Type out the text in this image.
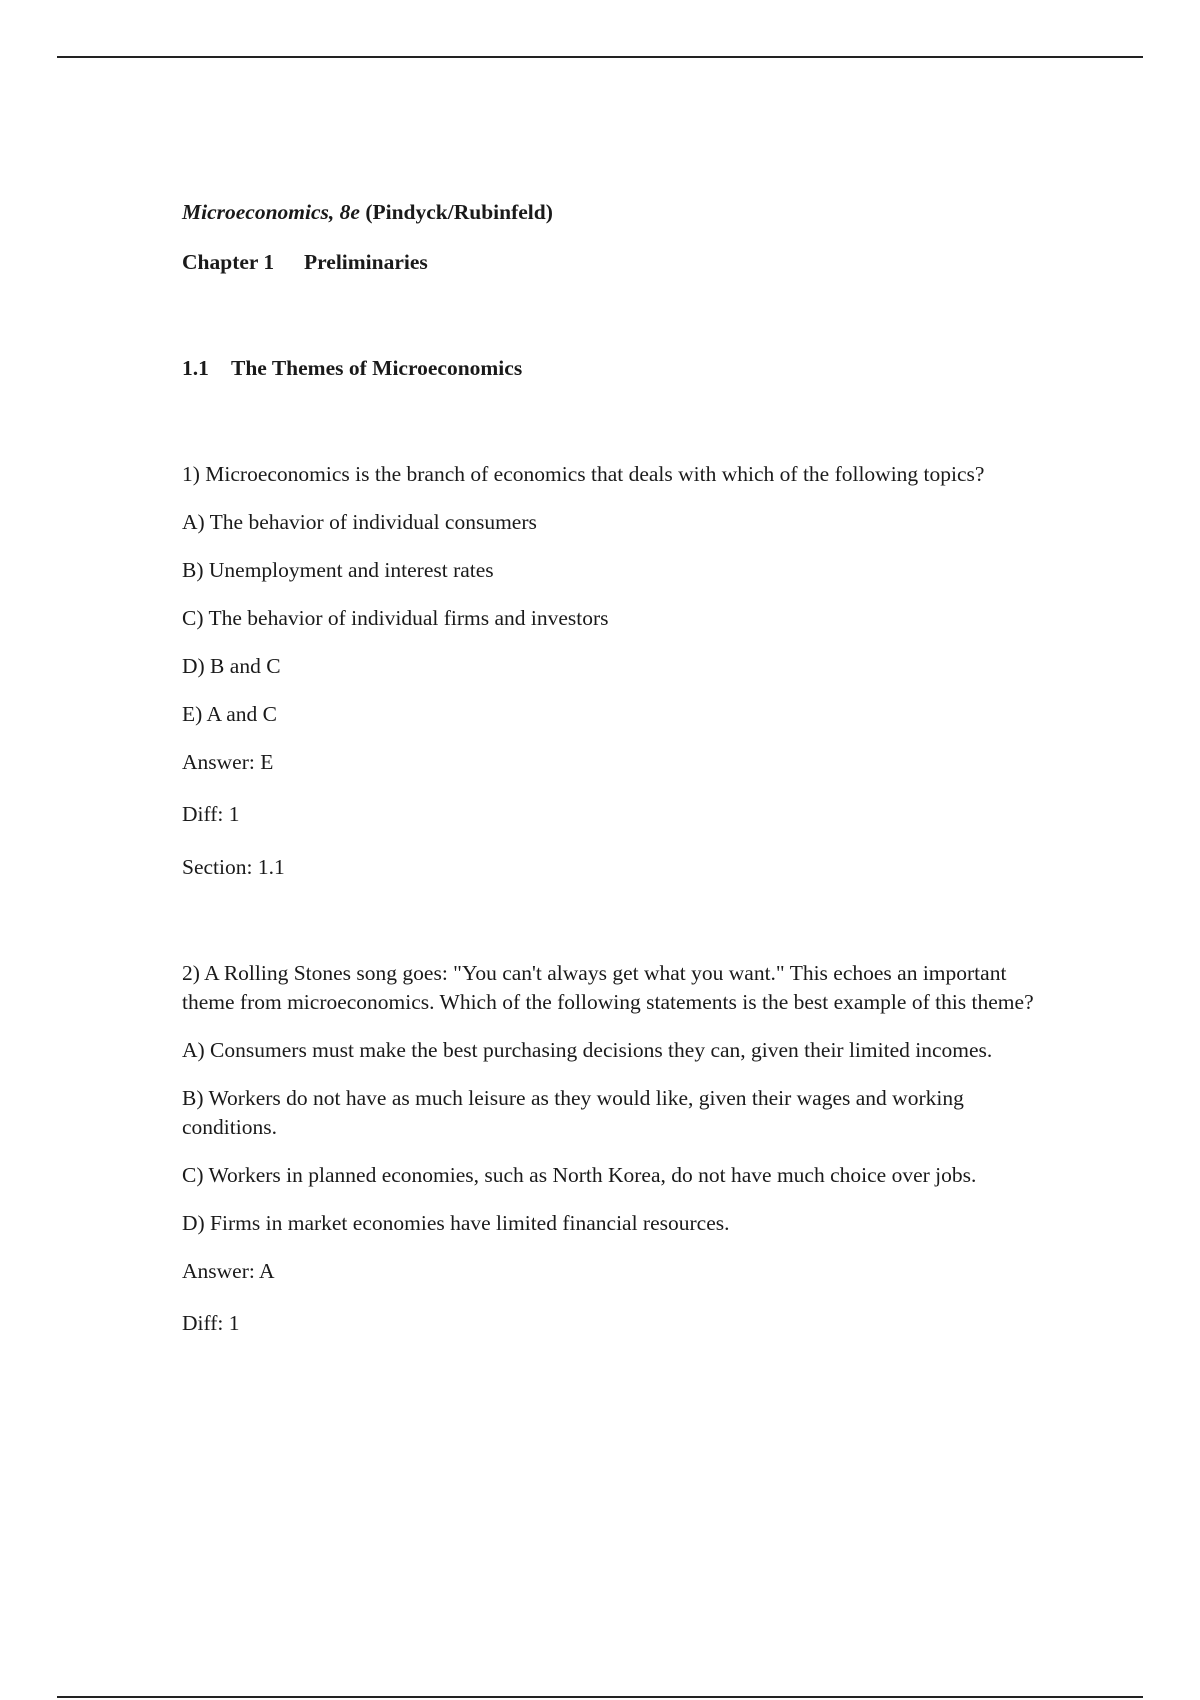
Microeconomics, 8e (Pindyck/Rubinfeld)

Chapter 1 Preliminaries

1.1 The Themes of Microeconomics

1) Microeconomics is the branch of economics that deals with which of the following topics?

A) The behavior of individual consumers

B) Unemployment and interest rates

C) The behavior of individual firms and investors

D) B and C

E) A and C

Answer: E

Diff: 1

Section: 1.1

2) A Rolling Stones song goes: "You can't always get what you want." This echoes an important theme from microeconomics. Which of the following statements is the best example of this theme?

A) Consumers must make the best purchasing decisions they can, given their limited incomes.

B) Workers do not have as much leisure as they would like, given their wages and working conditions.

C) Workers in planned economies, such as North Korea, do not have much choice over jobs.

D) Firms in market economies have limited financial resources.

Answer: A

Diff: 1
